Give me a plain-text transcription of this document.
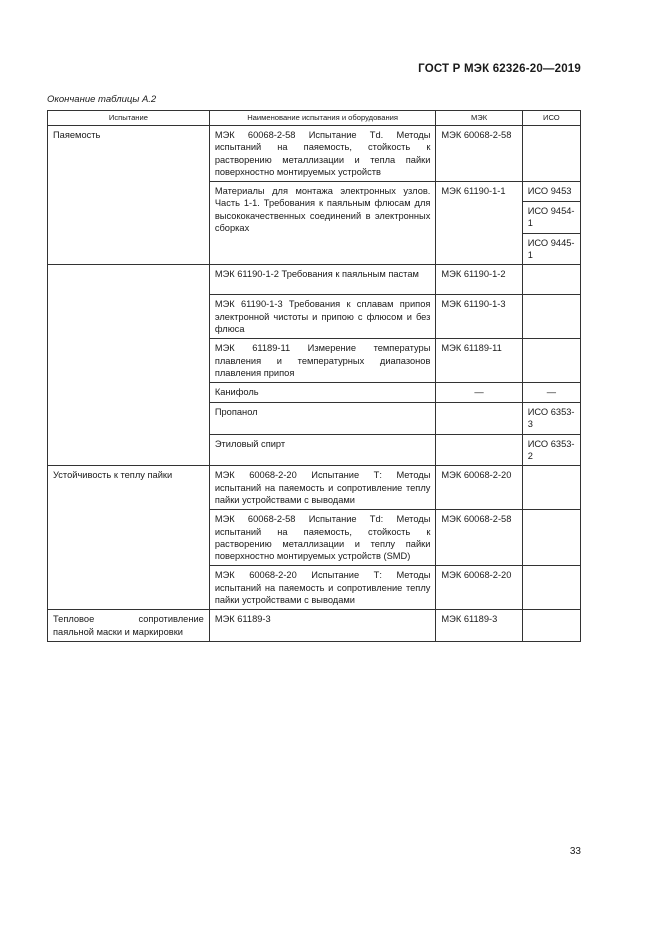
ГОСТ Р МЭК 62326-20—2019
Окончание таблицы А.2
Испытание	Наименование испытания и оборудования	МЭК	ИСО
Паяемость	МЭК 60068-2-58 Испытание Td. Методы испытаний на паяемость, стойкость к растворению металлизации и тепла пайки поверхностно монтируемых устройств	МЭК 60068-2-58	
	Материалы для монтажа электронных узлов. Часть 1-1. Требования к паяльным флюсам для высококачественных соединений в электронных сборках	МЭК 61190-1-1	ИСО 9453
			ИСО 9454-1
			ИСО 9445-1
	МЭК 61190-1-2 Требования к паяльным пастам	МЭК 61190-1-2	
	МЭК 61190-1-3 Требования к сплавам припоя электронной чистоты и припою с флюсом и без флюса	МЭК 61190-1-3	
	МЭК 61189-11 Измерение температуры плавления и температурных диапазонов плавления припоя	МЭК 61189-11	
	Канифоль	—	—
	Пропанол		ИСО 6353-3
	Этиловый спирт		ИСО 6353-2
Устойчивость к теплу пайки	МЭК 60068-2-20 Испытание Т: Методы испытаний на паяемость и сопротивление теплу пайки устройствами с выводами	МЭК 60068-2-20	
	МЭК 60068-2-58 Испытание Td: Методы испытаний на паяемость, стойкость к растворению металлизации и теплу пайки поверхностно монтируемых устройств (SMD)	МЭК 60068-2-58	
	МЭК 60068-2-20 Испытание Т: Методы испытаний на паяемость и сопротивление теплу пайки устройствами с выводами	МЭК 60068-2-20	
Тепловое сопротивление паяльной маски и маркировки	МЭК 61189-3	МЭК 61189-3	
33
